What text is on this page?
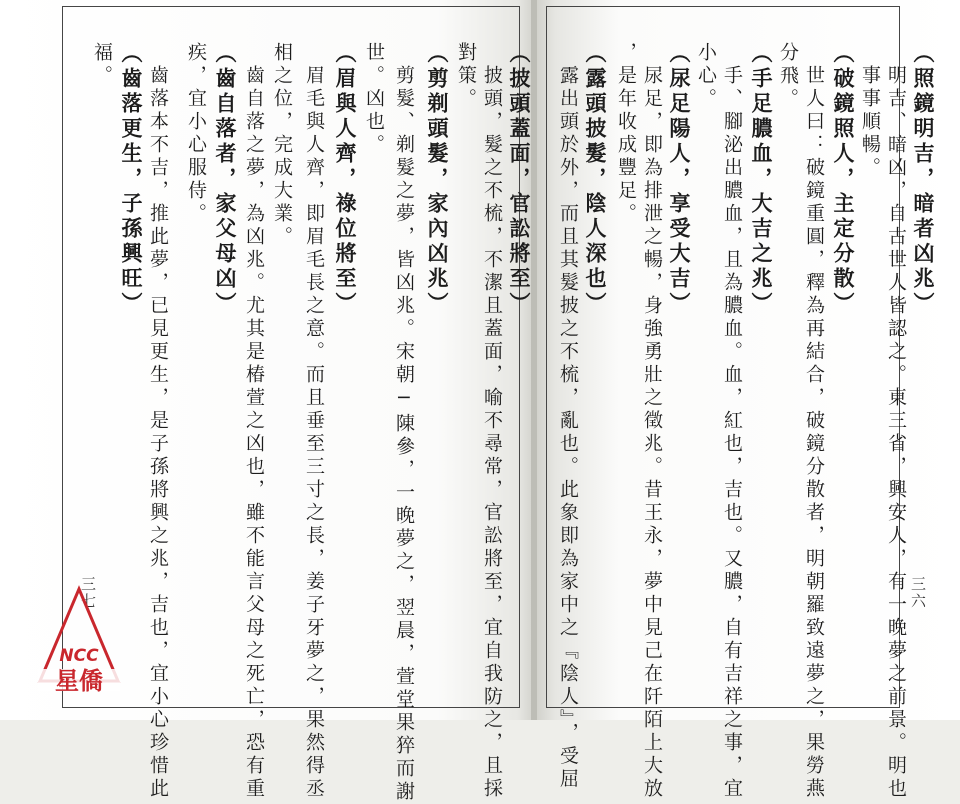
福。 （齒落更生，子孫興旺） 　齒落本不吉，推此夢，已見更生，是子孫將興之兆，吉也，宜小心珍惜此 疾，宜小心服侍。 （齒自落者，家父母凶） 　齒自落之夢，為凶兆。尤其是椿萱之凶也，雖不能言父母之死亡，恐有重 相之位，完成大業。 　眉毛與人齊，即眉毛長之意。而且垂至三寸之長，姜子牙夢之，果然得丞 （眉與人齊，祿位將至）
世。凶也。 　剪髮、剃髮之夢，皆凶兆。宋朝─陳參，一晚夢之，翌晨，萱堂果猝而謝 （剪剃頭髮，家內凶兆）
對策。 　披頭，髮之不梳，不潔且蓋面，喻不尋常，官訟將至，宜自我防之，且採 （披頭蓋面，官訟將至） 　露出頭於外，而且其髮披之不梳，亂也。此象即為家中之『陰人』，受屈 （露頭披髮，陰人深也）
，是年收成豐足。 　尿足，即為排泄之暢，身強勇壯之徵兆。昔王永，夢中見己在阡陌上大放 （尿足陽人，享受大吉）
小心。 　手、腳泌出膿血，且為膿血。血，紅也，吉也。又膿，自有吉祥之事，宜 （手足膿血，大吉之兆）
分飛。 　世人曰：破鏡重圓，釋為再結合，破鏡分散者，明朝羅致遠夢之，果勞燕 （破鏡照人，主定分散）
　事事順暢。 　明吉、暗凶，自古世人皆認之。東三省，興安人，有一晚夢之前景。明也 （照鏡明吉，暗者凶兆）
三七	三六
NCC
星僑
